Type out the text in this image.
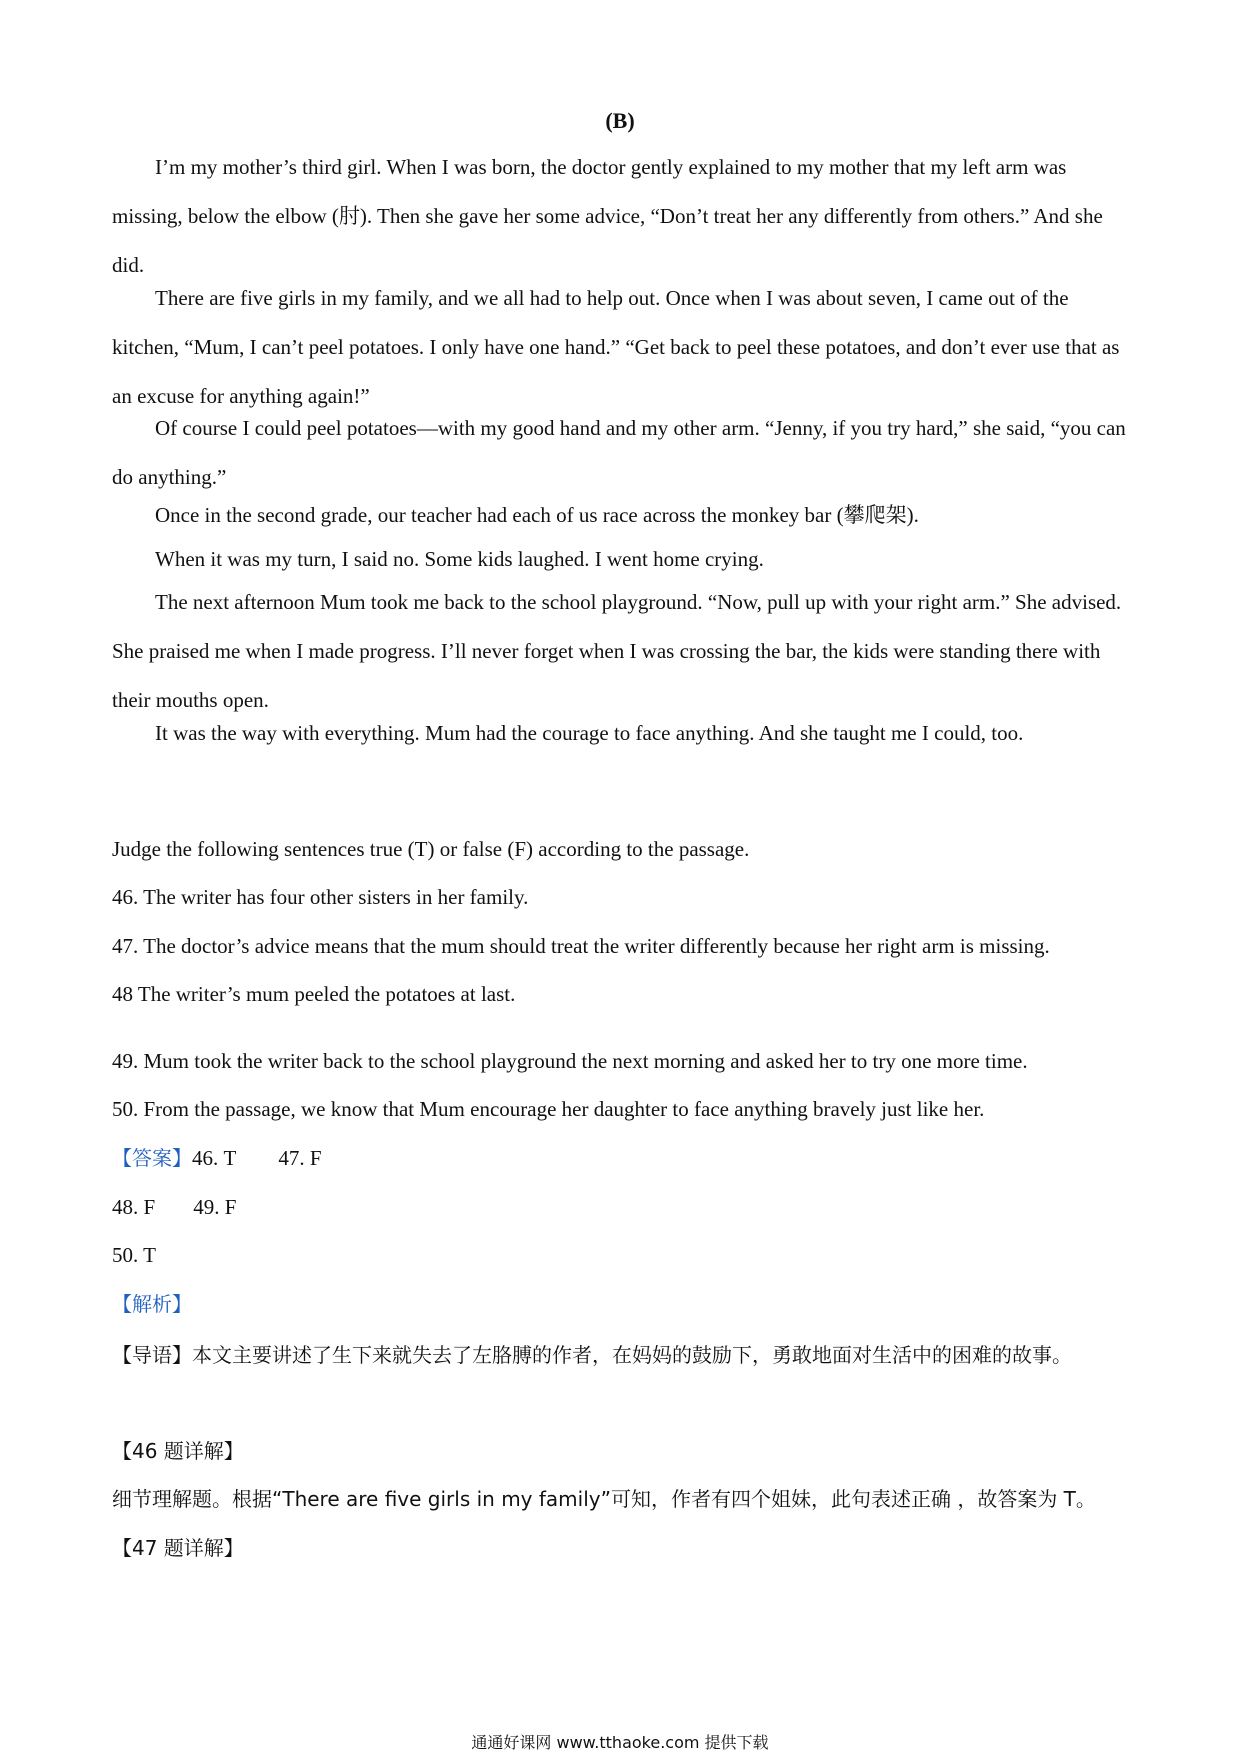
(B)
I’m my mother’s third girl. When I was born, the doctor gently explained to my mother that my left arm was missing, below the elbow (肘). Then she gave her some advice, “Don’t treat her any differently from others.” And she did.
There are five girls in my family, and we all had to help out. Once when I was about seven, I came out of the kitchen, “Mum, I can’t peel potatoes. I only have one hand.” “Get back to peel these potatoes, and don’t ever use that as an excuse for anything again!”
Of course I could peel potatoes—with my good hand and my other arm. “Jenny, if you try hard,” she said, “you can do anything.”
Once in the second grade, our teacher had each of us race across the monkey bar (攀爬架).
When it was my turn, I said no. Some kids laughed. I went home crying.
The next afternoon Mum took me back to the school playground. “Now, pull up with your right arm.” She advised. She praised me when I made progress. I’ll never forget when I was crossing the bar, the kids were standing there with their mouths open.
It was the way with everything. Mum had the courage to face anything. And she taught me I could, too.
Judge the following sentences true (T) or false (F) according to the passage.
46. The writer has four other sisters in her family.
47. The doctor’s advice means that the mum should treat the writer differently because her right arm is missing.
48 The writer’s mum peeled the potatoes at last.
49. Mum took the writer back to the school playground the next morning and asked her to try one more time.
50. From the passage, we know that Mum encourage her daughter to face anything bravely just like her.
【答案】46. T 47. F
48. F 49. F
50. T
【解析】
【导语】本文主要讲述了生下来就失去了左胳膊的作者，在妈妈的鼓励下，勇敢地面对生活中的困难的故事。
【46 题详解】
细节理解题。根据“There are five girls in my family”可知，作者有四个姐妹，此句表述正确 ，故答案为 T。
【47 题详解】
通通好课网 www.tthaoke.com 提供下载
